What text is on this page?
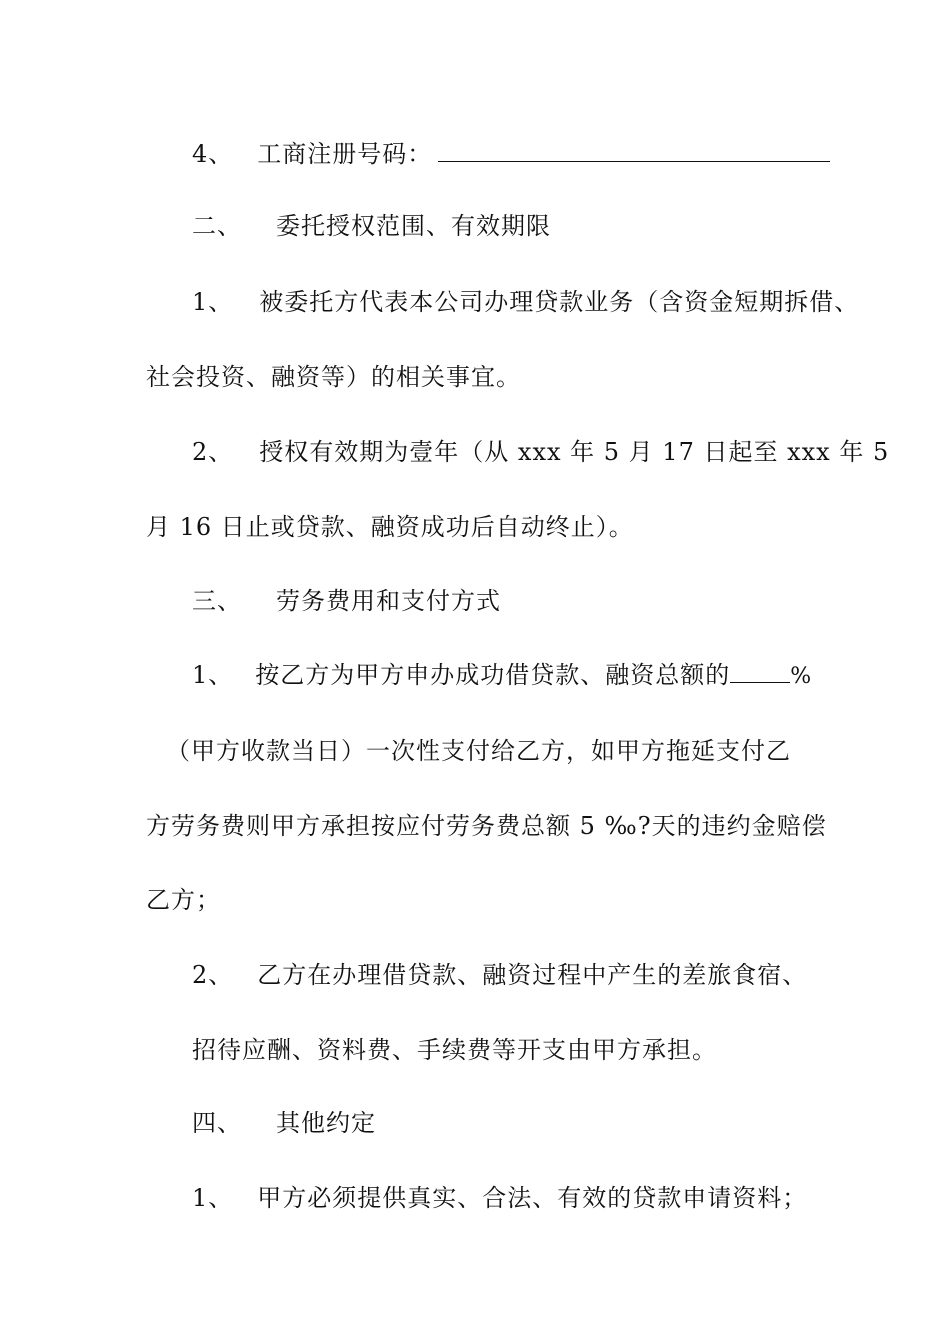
4、 工商注册号码：
二、 委托授权范围、有效期限
1、 被委托方代表本公司办理贷款业务（含资金短期拆借、
社会投资、融资等）的相关事宜。
2、 授权有效期为壹年（从 xxx 年 5 月 17 日起至 xxx 年 5
月 16 日止或贷款、融资成功后自动终止）。
三、 劳务费用和支付方式
1、 按乙方为甲方申办成功借贷款、融资总额的	%
（甲方收款当日）一次性支付给乙方，如甲方拖延支付乙
方劳务费则甲方承担按应付劳务费总额 5 ‰?天的违约金赔偿
乙方；
2、 乙方在办理借贷款、融资过程中产生的差旅食宿、
招待应酬、资料费、手续费等开支由甲方承担。
四、 其他约定
1、 甲方必须提供真实、合法、有效的贷款申请资料；
